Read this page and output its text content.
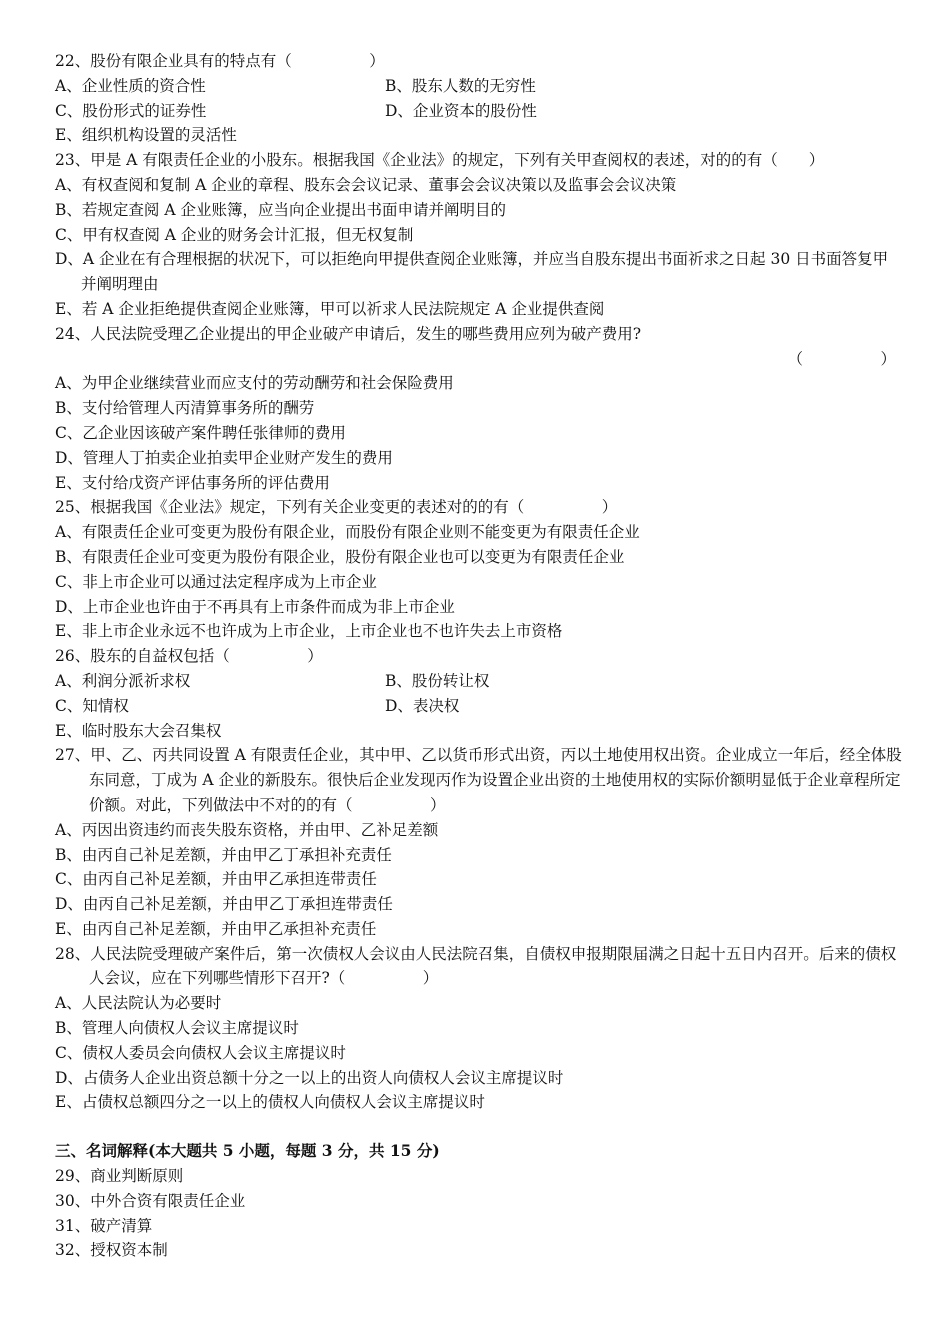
22、股份有限企业具有的特点有（　　　　　）

A、企业性质的资合性	B、股东人数的无穷性
C、股份形式的证券性	D、企业资本的股份性

E、组织机构设置的灵活性

23、甲是 A 有限责任企业的小股东。根据我国《企业法》的规定，下列有关甲查阅权的表述，对的的有（　　）

A、有权查阅和复制 A 企业的章程、股东会会议记录、董事会会议决策以及监事会会议决策

B、若规定查阅 A 企业账簿，应当向企业提出书面申请并阐明目的

C、甲有权查阅 A 企业的财务会计汇报，但无权复制

D、A 企业在有合理根据的状况下，可以拒绝向甲提供查阅企业账簿，并应当自股东提出书面祈求之日起 30 日书面答复甲并阐明理由

E、若 A 企业拒绝提供查阅企业账簿，甲可以祈求人民法院规定 A 企业提供查阅

24、人民法院受理乙企业提出的甲企业破产申请后，发生的哪些费用应列为破产费用?

（　　　　　）

A、为甲企业继续营业而应支付的劳动酬劳和社会保险费用

B、支付给管理人丙清算事务所的酬劳

C、乙企业因该破产案件聘任张律师的费用

D、管理人丁拍卖企业拍卖甲企业财产发生的费用

E、支付给戊资产评估事务所的评估费用

25、根据我国《企业法》规定，下列有关企业变更的表述对的的有（　　　　　）

A、有限责任企业可变更为股份有限企业，而股份有限企业则不能变更为有限责任企业

B、有限责任企业可变更为股份有限企业，股份有限企业也可以变更为有限责任企业

C、非上市企业可以通过法定程序成为上市企业

D、上市企业也许由于不再具有上市条件而成为非上市企业

E、非上市企业永远不也许成为上市企业，上市企业也不也许失去上市资格

26、股东的自益权包括（　　　　　）

A、利润分派祈求权	B、股份转让权
C、知情权	D、表决权

E、临时股东大会召集权

27、甲、乙、丙共同设置 A 有限责任企业，其中甲、乙以货币形式出资，丙以土地使用权出资。企业成立一年后，经全体股东同意，丁成为 A 企业的新股东。很快后企业发现丙作为设置企业出资的土地使用权的实际价额明显低于企业章程所定价额。对此，下列做法中不对的的有（　　　　　）

A、丙因出资违约而丧失股东资格，并由甲、乙补足差额

B、由丙自己补足差额，并由甲乙丁承担补充责任

C、由丙自己补足差额，并由甲乙承担连带责任

D、由丙自己补足差额，并由甲乙丁承担连带责任

E、由丙自己补足差额，并由甲乙承担补充责任

28、人民法院受理破产案件后，第一次债权人会议由人民法院召集，自债权申报期限届满之日起十五日内召开。后来的债权人会议，应在下列哪些情形下召开?（　　　　　）

A、人民法院认为必要时

B、管理人向债权人会议主席提议时

C、债权人委员会向债权人会议主席提议时

D、占债务人企业出资总额十分之一以上的出资人向债权人会议主席提议时

E、占债权总额四分之一以上的债权人向债权人会议主席提议时

三、名词解释(本大题共 5 小题，每题 3 分，共 15 分)

29、商业判断原则

30、中外合资有限责任企业

31、破产清算

32、授权资本制
